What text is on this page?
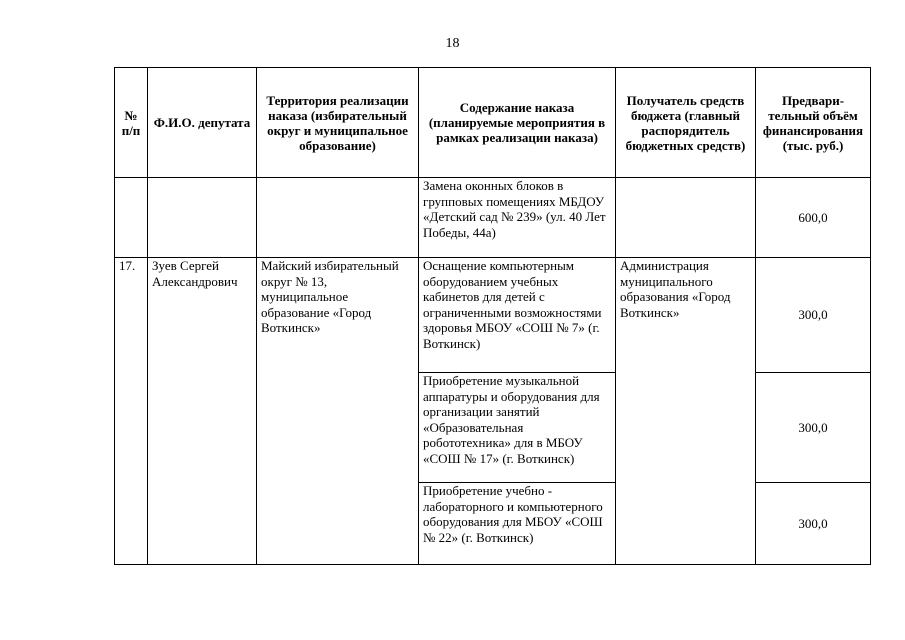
18
№ п/п	Ф.И.О. депутата	Территория реализации наказа (избирательный округ и муниципальное образование)	Содержание наказа (планируемые мероприятия в рамках реализации наказа)	Получатель средств бюджета (главный распорядитель бюджетных средств)	Предвари-тельный объём финансирования (тыс. руб.)
			Замена оконных блоков в групповых помещениях МБДОУ «Детский сад № 239» (ул. 40 Лет Победы, 44а)		600,0
17.	Зуев Сергей Александрович	Майский избирательный округ № 13, муниципальное образование «Город Воткинск»	Оснащение компьютерным оборудованием учебных кабинетов для детей с ограниченными возможностями здоровья МБОУ «СОШ № 7» (г. Воткинск)	Администрация муниципального образования «Город Воткинск»	300,0
			Приобретение музыкальной аппаратуры и оборудования для организации занятий «Образовательная робототехника» для в МБОУ «СОШ № 17» (г. Воткинск)		300,0
			Приобретение учебно - лабораторного и компьютерного оборудования для МБОУ «СОШ № 22» (г. Воткинск)		300,0
